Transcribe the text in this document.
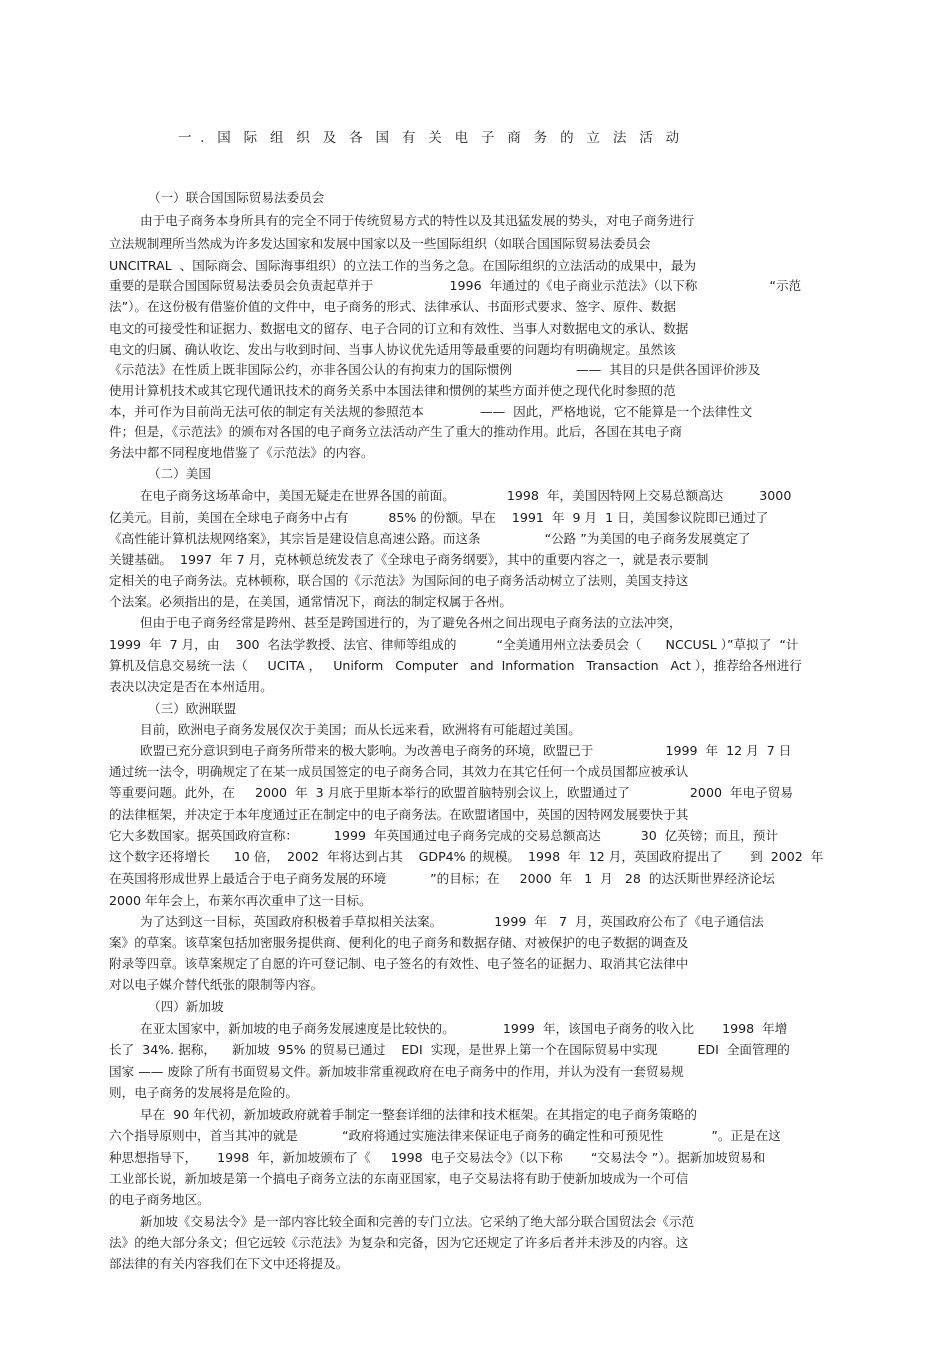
一  .   国   际   组   织   及   各   国   有   关   电   子   商   务   的   立   法   活   动
（一）联合国国际贸易法委员会
由于电子商务本身所具有的完全不同于传统贸易方式的特性以及其迅猛发展的势头，对电子商务进行
立法规制理所当然成为许多发达国家和发展中国家以及一些国际组织（如联合国国际贸易法委员会
UNCITRAL  、国际商会、国际海事组织）的立法工作的当务之急。在国际组织的立法活动的成果中，最为
重要的是联合国国际贸易法委员会负责起草并于                   1996  年通过的《电子商业示范法》（以下称                  “示范
法”）。在这份极有借鉴价值的文件中，电子商务的形式、法律承认、书面形式要求、签字、原件、数据
电文的可接受性和证据力、数据电文的留存、电子合同的订立和有效性、当事人对数据电文的承认、数据
电文的归属、确认收讫、发出与收到时间、当事人协议优先适用等最重要的问题均有明确规定。虽然该
《示范法》在性质上既非国际公约，亦非各国公认的有拘束力的国际惯例                ——  其目的只是供各国评价涉及
使用计算机技术或其它现代通讯技术的商务关系中本国法律和惯例的某些方面并使之现代化时参照的范
本，并可作为目前尚无法可依的制定有关法规的参照范本              ——  因此，严格地说，它不能算是一个法律性文
件；但是，《示范法》的颁布对各国的电子商务立法活动产生了重大的推动作用。此后，各国在其电子商
务法中都不同程度地借鉴了《示范法》的内容。
（二）美国
在电子商务这场革命中，美国无疑走在世界各国的前面。             1998  年，美国因特网上交易总额高达         3000
亿美元。目前，美国在全球电子商务中占有          85% 的份额。早在    1991  年  9 月  1 日，美国参议院即已通过了
《高性能计算机法规网络案》，其宗旨是建设信息高速公路。而这条                “公路 ”为美国的电子商务发展奠定了
关键基础。  1997  年 7 月，克林顿总统发表了《全球电子商务纲要》，其中的重要内容之一，就是表示要制
定相关的电子商务法。克林顿称，联合国的《示范法》为国际间的电子商务活动树立了法则，美国支持这
个法案。必须指出的是，在美国，通常情况下，商法的制定权属于各州。
但由于电子商务经常是跨州、甚至是跨国进行的，为了避免各州之间出现电子商务法的立法冲突，
1999  年  7 月，由    300  名法学教授、法官、律师等组成的          “全美通用州立法委员会（      NCCUSL ）”草拟了  “计
算机及信息交易统一法（     UCITA ，   Uniform   Computer   and  Information   Transaction   Act ），推荐给各州进行
表决以决定是否在本州适用。
（三）欧洲联盟
目前，欧洲电子商务发展仅次于美国；而从长远来看，欧洲将有可能超过美国。
欧盟已充分意识到电子商务所带来的极大影响。为改善电子商务的环境，欧盟已于                  1999  年  12 月  7 日
通过统一法令，明确规定了在某一成员国签定的电子商务合同，其效力在其它任何一个成员国都应被承认
等重要问题。此外，在     2000  年  3 月底于里斯本举行的欧盟首脑特别会议上，欧盟通过了               2000  年电子贸易
的法律框架，并决定于本年度通过正在制定中的电子商务法。在欧盟诸国中，英国的因特网发展要快于其
它大多数国家。据英国政府宣称：         1999  年英国通过电子商务完成的交易总额高达          30  亿英镑；而且，预计
这个数字还将增长      10 倍，  2002  年将达到占其    GDP4% 的规模。  1998  年  12 月，英国政府提出了       到  2002  年
在英国将形成世界上最适合于电子商务发展的环境           ”的目标；在     2000  年   1  月   28  的达沃斯世界经济论坛
2000 年年会上，布莱尔再次重申了这一目标。
为了达到这一目标，英国政府积极着手草拟相关法案。             1999  年   7  月，英国政府公布了《电子通信法
案》的草案。该草案包括加密服务提供商、便利化的电子商务和数据存储、对被保护的电子数据的调查及
附录等四章。该草案规定了自愿的许可登记制、电子签名的有效性、电子签名的证据力、取消其它法律中
对以电子媒介替代纸张的限制等内容。
（四）新加坡
在亚太国家中，新加坡的电子商务发展速度是比较快的。            1999  年，该国电子商务的收入比       1998  年增
长了  34%. 据称，    新加坡  95% 的贸易已通过    EDI  实现，是世界上第一个在国际贸易中实现          EDI  全面管理的
国家 —— 废除了所有书面贸易文件。新加坡非常重视政府在电子商务中的作用，并认为没有一套贸易规
则，电子商务的发展将是危险的。
早在  90 年代初，新加坡政府就着手制定一整套详细的法律和技术框架。在其指定的电子商务策略的
六个指导原则中，首当其冲的就是           “政府将通过实施法律来保证电子商务的确定性和可预见性            ”。正是在这
种思想指导下，     1998  年，新加坡颁布了《     1998  电子交易法令》（以下称       “交易法令 ”）。据新加坡贸易和
工业部长说，新加坡是第一个搞电子商务立法的东南亚国家，电子交易法将有助于使新加坡成为一个可信
的电子商务地区。
新加坡《交易法令》是一部内容比较全面和完善的专门立法。它采纳了绝大部分联合国贸法会《示范
法》的绝大部分条文；但它远较《示范法》为复杂和完备，因为它还规定了许多后者并未涉及的内容。这
部法律的有关内容我们在下文中还将提及。
